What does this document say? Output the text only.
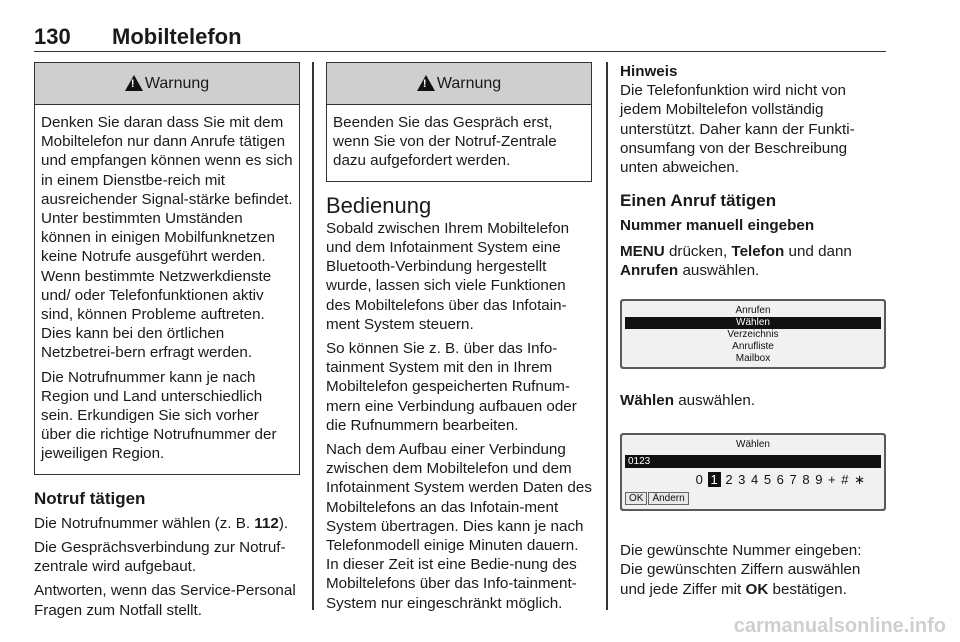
130 Mobiltelefon
!
Warnung

Denken Sie daran dass Sie mit dem Mobiltelefon nur dann Anrufe tätigen und empfangen können wenn es sich in einem Dienstbe-reich mit ausreichender Signal-stärke befindet. Unter bestimmten Umständen können in einigen Mobilfunknetzen keine Notrufe ausgeführt werden. Wenn bestimmte Netzwerkdienste und/ oder Telefonfunktionen aktiv sind, können Probleme auftreten. Dies kann bei den örtlichen Netzbetrei-bern erfragt werden.

Die Notrufnummer kann je nach Region und Land unterschiedlich sein. Erkundigen Sie sich vorher über die richtige Notrufnummer der jeweiligen Region.

Notruf tätigen

Die Notrufnummer wählen (z. B. 112).

Die Gesprächsverbindung zur Notruf-zentrale wird aufgebaut.

Antworten, wenn das Service-Personal Fragen zum Notfall stellt.

!
Warnung

Beenden Sie das Gespräch erst, wenn Sie von der Notruf-Zentrale dazu aufgefordert werden.

Bedienung

Sobald zwischen Ihrem Mobiltelefon und dem Infotainment System eine Bluetooth-Verbindung hergestellt wurde, lassen sich viele Funktionen des Mobiltelefons über das Infotain-ment System steuern.

So können Sie z. B. über das Info-tainment System mit den in Ihrem Mobiltelefon gespeicherten Rufnum-mern eine Verbindung aufbauen oder die Rufnummern bearbeiten.

Nach dem Aufbau einer Verbindung zwischen dem Mobiltelefon und dem Infotainment System werden Daten des Mobiltelefons an das Infotain-ment System übertragen. Dies kann je nach Telefonmodell einige Minuten dauern. In dieser Zeit ist eine Bedie-nung des Mobiltelefons über das Info-tainment-System nur eingeschränkt möglich.

Hinweis

Die Telefonfunktion wird nicht von jedem Mobiltelefon vollständig unterstützt. Daher kann der Funkti-onsumfang von der Beschreibung unten abweichen.

Einen Anruf tätigen
Nummer manuell eingeben

MENU drücken, Telefon und dann Anrufen auswählen.

Anrufen
Wählen
Verzeichnis
Anrufliste
Mailbox

Wählen auswählen.

Wählen
0123
0 1 2 3 4 5 6 7 8 9 + # ∗
OK Ändern

Die gewünschte Nummer eingeben: Die gewünschten Ziffern auswählen und jede Ziffer mit OK bestätigen.

carmanualsonline.info
